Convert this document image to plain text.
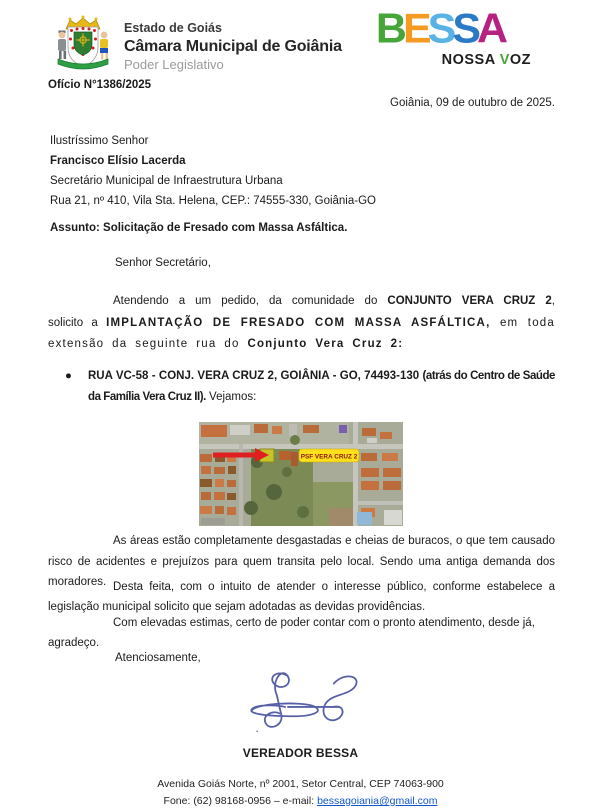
Estado de Goiás
Câmara Municipal de Goiânia
Poder Legislativo
BESSA
NOSSA VOZ
Ofício N°1386/2025
Goiânia, 09 de outubro de 2025.
Ilustríssimo Senhor
Francisco Elísio Lacerda
Secretário Municipal de Infraestrutura Urbana
Rua 21, nº 410, Vila Sta. Helena, CEP.: 74555-330, Goiânia-GO
Assunto: Solicitação de Fresado com Massa Asfáltica.
Senhor Secretário,
Atendendo a um pedido, da comunidade do CONJUNTO VERA CRUZ 2, solicito a IMPLANTAÇÃO DE FRESADO COM MASSA ASFÁLTICA, em toda extensão da seguinte rua do Conjunto Vera Cruz 2:
●	RUA VC-58 - CONJ. VERA CRUZ 2, GOIÂNIA - GO, 74493-130 (atrás do Centro de Saúde da Família Vera Cruz II). Vejamos:
PSF VERA CRUZ 2
As áreas estão completamente desgastadas e cheias de buracos, o que tem causado risco de acidentes e prejuízos para quem transita pelo local. Sendo uma antiga demanda dos moradores. Desta feita, com o intuito de atender o interesse público, conforme estabelece a legislação municipal solicito que sejam adotadas as devidas providências.
Com elevadas estimas, certo de poder contar com o pronto atendimento, desde já, agradeço.
Atenciosamente,
VEREADOR BESSA
Avenida Goiás Norte, nº 2001, Setor Central, CEP 74063-900
Fone: (62) 98168-0956 – e-mail: bessagoiania@gmail.com
